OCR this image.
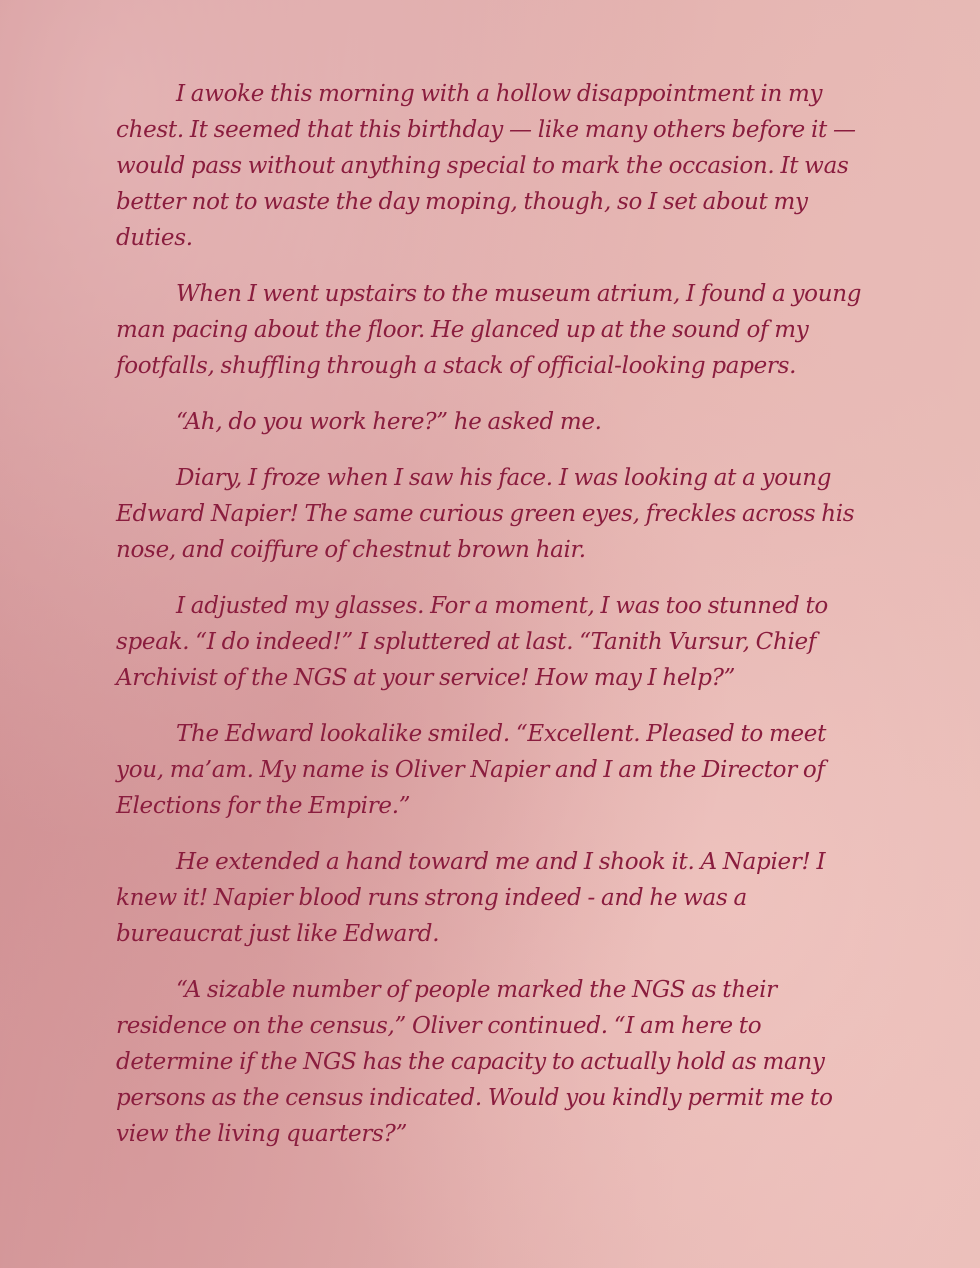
I awoke this morning with a hollow disappointment in my chest. It seemed that this birthday — like many others before it — would pass without anything special to mark the occasion. It was better not to waste the day moping, though, so I set about my duties.

When I went upstairs to the museum atrium, I found a young man pacing about the floor. He glanced up at the sound of my footfalls, shuffling through a stack of official-looking papers.

“Ah, do you work here?” he asked me.

Diary, I froze when I saw his face. I was looking at a young Edward Napier! The same curious green eyes, freckles across his nose, and coiffure of chestnut brown hair.

I adjusted my glasses. For a moment, I was too stunned to speak. “I do indeed!” I spluttered at last. “Tanith Vursur, Chief Archivist of the NGS at your service! How may I help?”

The Edward lookalike smiled. “Excellent. Pleased to meet you, ma’am. My name is Oliver Napier and I am the Director of Elections for the Empire.”

He extended a hand toward me and I shook it. A Napier! I knew it! Napier blood runs strong indeed - and he was a bureaucrat just like Edward.

“A sizable number of people marked the NGS as their residence on the census,” Oliver continued. “I am here to determine if the NGS has the capacity to actually hold as many persons as the census indicated. Would you kindly permit me to view the living quarters?”
